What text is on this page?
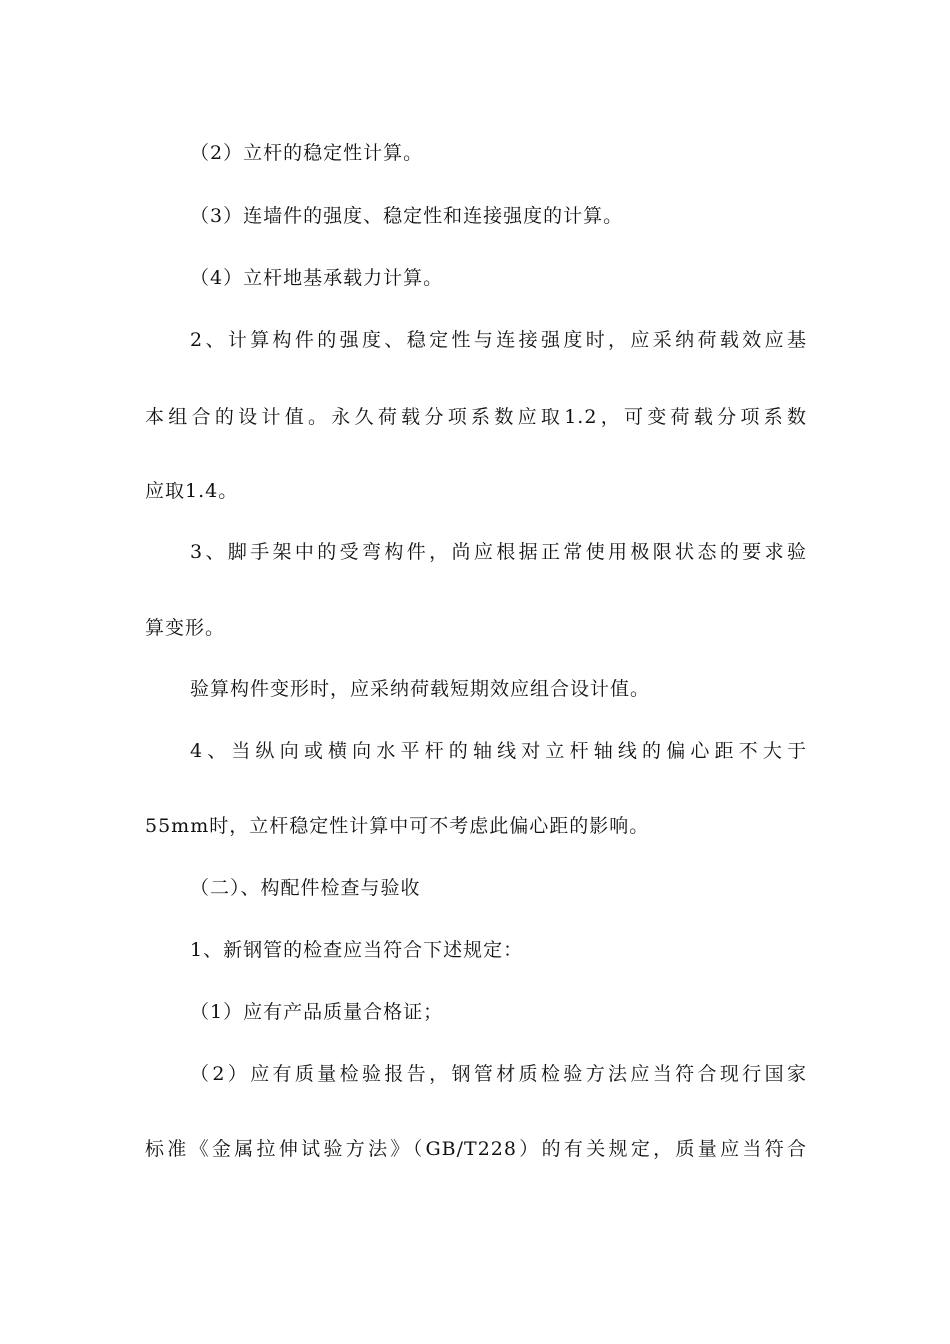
（2）立杆的稳定性计算。
（3）连墙件的强度、稳定性和连接强度的计算。
（4）立杆地基承载力计算。
2、计算构件的强度、稳定性与连接强度时，应采纳荷载效应基
本组合的设计值。永久荷载分项系数应取1.2，可变荷载分项系数
应取1.4。
3、脚手架中的受弯构件，尚应根据正常使用极限状态的要求验
算变形。
验算构件变形时，应采纳荷载短期效应组合设计值。
4、当纵向或横向水平杆的轴线对立杆轴线的偏心距不大于
55mm时，立杆稳定性计算中可不考虑此偏心距的影响。
（二）、构配件检查与验收
1、新钢管的检查应当符合下述规定：
（1）应有产品质量合格证；
（2）应有质量检验报告，钢管材质检验方法应当符合现行国家
标准《金属拉伸试验方法》（GB/T228）的有关规定，质量应当符合
